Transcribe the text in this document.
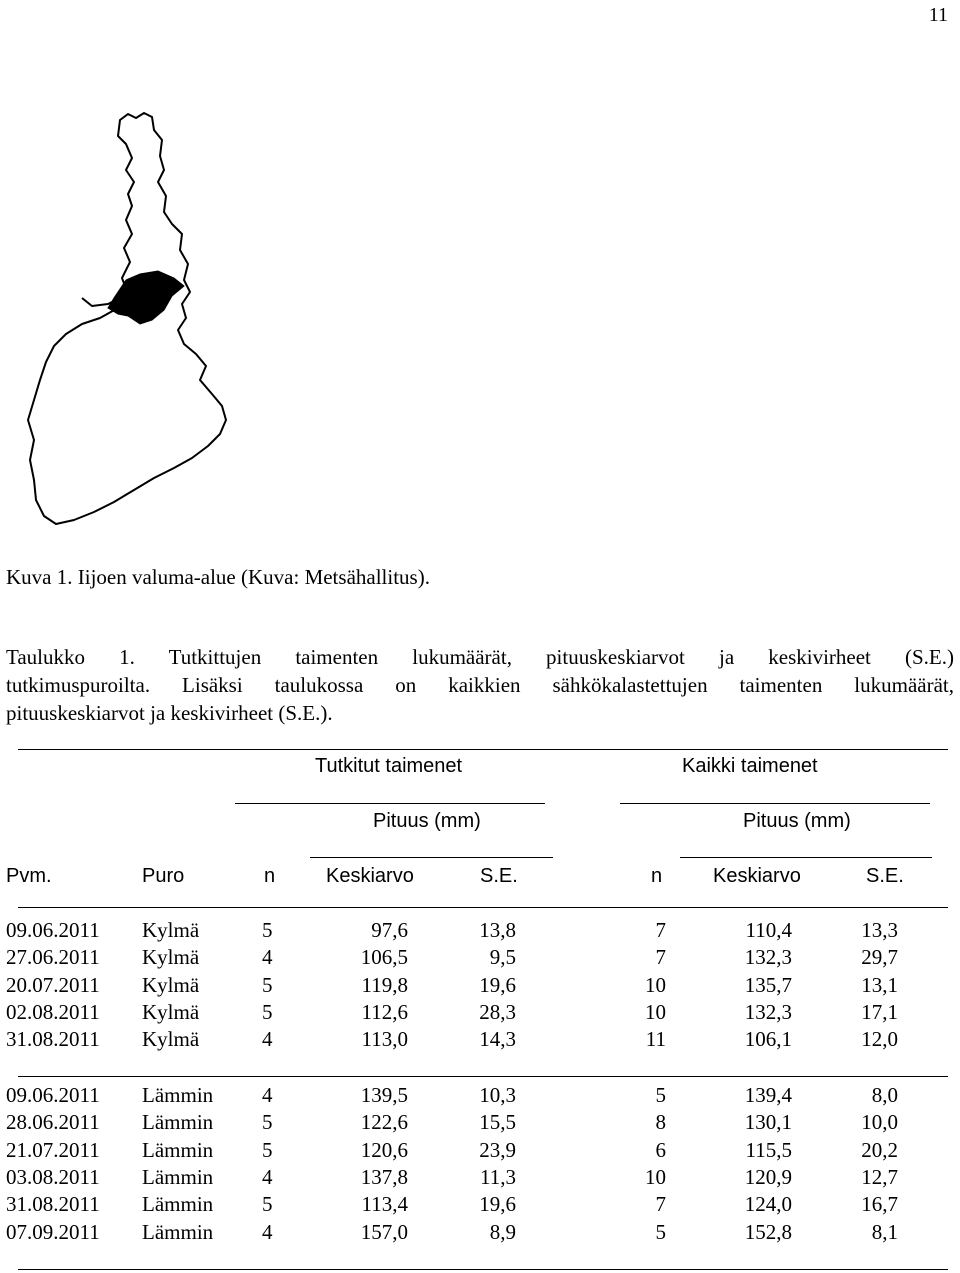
11
Kuva 1. Iijoen valuma-alue (Kuva: Metsähallitus).
Taulukko 1. Tutkittujen taimenten lukumäärät, pituuskeskiarvot ja keskivirheet (S.E.)
tutkimuspuroilta. Lisäksi taulukossa on kaikkien sähkökalastettujen taimenten lukumäärät,
pituuskeskiarvot ja keskivirheet (S.E.).
Tutkitut taimenet	Kaikki taimenet
Pituus (mm)	Pituus (mm)
Pvm.	Puro	n	Keskiarvo	S.E.	n	Keskiarvo	S.E.
09.06.2011	Kylmä	5	97,6	13,8	7	110,4	13,3
27.06.2011	Kylmä	4	106,5	9,5	7	132,3	29,7
20.07.2011	Kylmä	5	119,8	19,6	10	135,7	13,1
02.08.2011	Kylmä	5	112,6	28,3	10	132,3	17,1
31.08.2011	Kylmä	4	113,0	14,3	11	106,1	12,0
09.06.2011	Lämmin	4	139,5	10,3	5	139,4	8,0
28.06.2011	Lämmin	5	122,6	15,5	8	130,1	10,0
21.07.2011	Lämmin	5	120,6	23,9	6	115,5	20,2
03.08.2011	Lämmin	4	137,8	11,3	10	120,9	12,7
31.08.2011	Lämmin	5	113,4	19,6	7	124,0	16,7
07.09.2011	Lämmin	4	157,0	8,9	5	152,8	8,1
